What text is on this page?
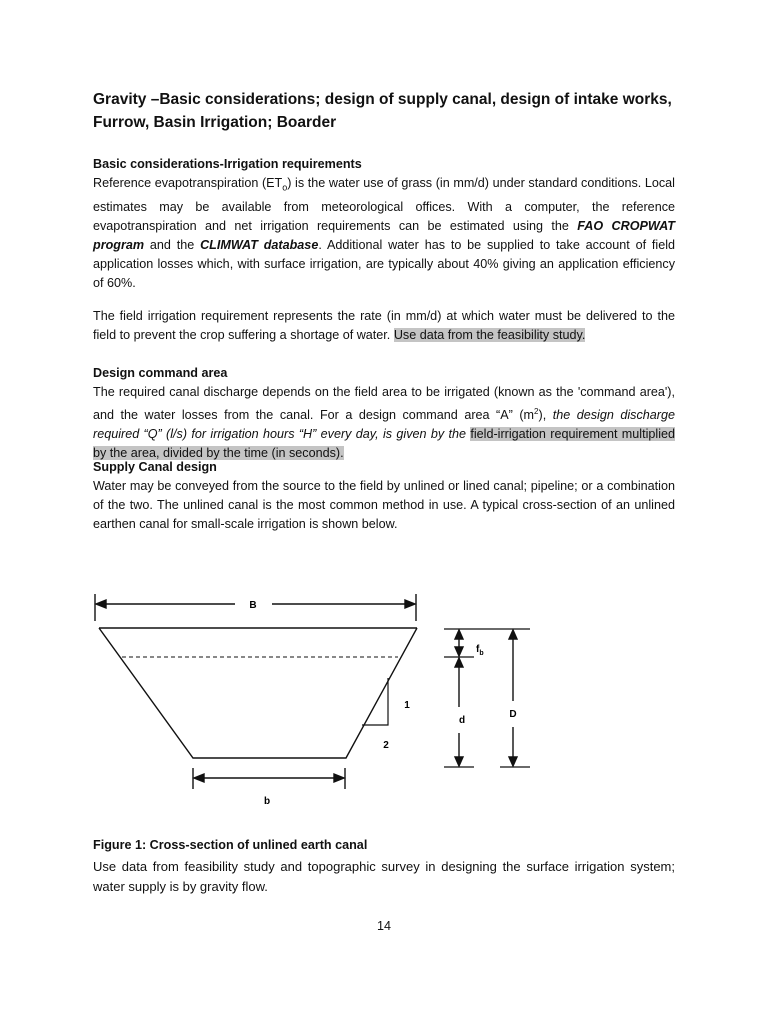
Gravity –Basic considerations; design of supply canal, design of intake works, Furrow, Basin Irrigation; Boarder
Basic considerations-Irrigation requirements

Reference evapotranspiration $(ET_o)$ is the water use of grass (in mm/d) under standard conditions. Local estimates may be available from meteorological offices. With a computer, the reference evapotranspiration and net irrigation requirements can be estimated using the FAO CROPWAT program and the CLIMWAT database. Additional water has to be supplied to take account of field application losses which, with surface irrigation, are typically about 40% giving an application efficiency of 60%.

The field irrigation requirement represents the rate (in mm/d) at which water must be delivered to the field to prevent the crop suffering a shortage of water. Use data from the feasibility study.

Design command area

The required canal discharge depends on the field area to be irrigated (known as the 'command area'), and the water losses from the canal. For a design command area “A” $(m^2)$, the design discharge required “Q” (l/s) for irrigation hours “H” every day, is given by the field-irrigation requirement multiplied by the area, divided by the time (in seconds).

Supply Canal design

Water may be conveyed from the source to the field by unlined or lined canal; pipeline; or a combination of the two. The unlined canal is the most common method in use. A typical cross-section of an unlined earthen canal for small-scale irrigation is shown below.

B
b
1
2
$f_b$
d
D
Figure 1: Cross-section of unlined earth canal

Use data from feasibility study and topographic survey in designing the surface irrigation system; water supply is by gravity flow.

14
